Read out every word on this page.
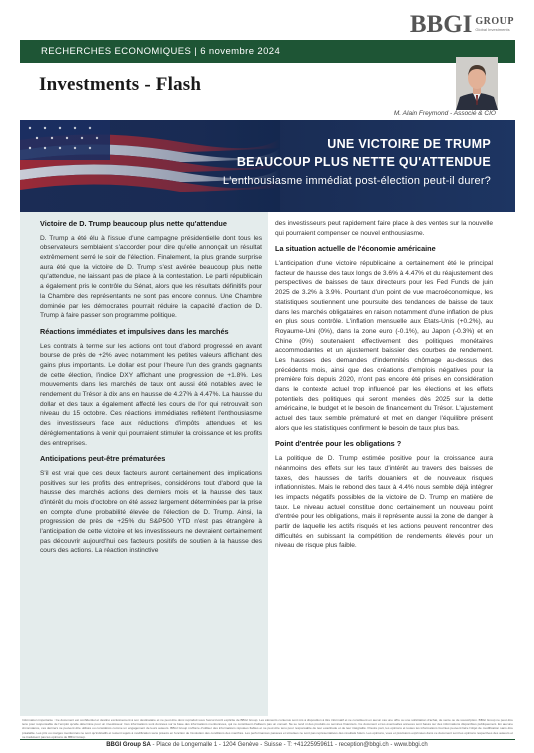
BBGI GROUP
Global Investments
RECHERCHES ECONOMIQUES | 6 novembre 2024
Investments - Flash
M. Alain Freymond - Associé & CIO
UNE VICTOIRE DE TRUMP
BEAUCOUP PLUS NETTE QU'ATTENDUE
L'enthousiasme immédiat post-élection peut-il durer?
Victoire de D. Trump beaucoup plus nette qu'attendue

D. Trump a été élu à l'issue d'une campagne présidentielle dont tous les observateurs semblaient s'accorder pour dire qu'elle annonçait un résultat extrêmement serré le soir de l'élection. Finalement, la plus grande surprise aura été que la victoire de D. Trump s'est avérée beaucoup plus nette qu'attendue, ne laissant pas de place à la contestation. Le parti républicain a également pris le contrôle du Sénat, alors que les résultats définitifs pour la Chambre des représentants ne sont pas encore connus. Une Chambre dominée par les démocrates pourrait réduire la capacité d'action de D. Trump à faire passer son programme politique.

Réactions immédiates et impulsives dans les marchés

Les contrats à terme sur les actions ont tout d'abord progressé en avant bourse de près de +2% avec notamment les petites valeurs affichant des gains plus importants. Le dollar est pour l'heure l'un des grands gagnants de cette élection, l'indice DXY affichant une progression de +1.8%. Les mouvements dans les marchés de taux ont aussi été notables avec le rendement du Trésor à dix ans en hausse de 4.27% à 4.47%. La hausse du dollar et des taux a également affecté les cours de l'or qui retrouvait son niveau du 15 octobre. Ces réactions immédiates reflètent l'enthousiasme des investisseurs face aux réductions d'impôts attendues et les déréglementations à venir qui pourraient stimuler la croissance et les profits des entreprises.

Anticipations peut-être prématurées

S'il est vrai que ces deux facteurs auront certainement des implications positives sur les profits des entreprises, considérons tout d'abord que la hausse des marchés actions des derniers mois et la hausse des taux d'intérêt du mois d'octobre on été assez largement déterminées par la prise en compte d'une probabilité élevée de l'élection de D. Trump. Ainsi, la progression de près de +25% du S&P500 YTD n'est pas étrangère à l'anticipation de cette victoire et les investisseurs ne devraient certainement pas découvrir aujourd'hui ces facteurs positifs de soutien à la hausse des cours des actions. La réaction instinctive

des investisseurs peut rapidement faire place à des ventes sur la nouvelle qui pourraient compenser ce nouvel enthousiasme.

La situation actuelle de l'économie américaine

L'anticipation d'une victoire républicaine a certainement été le principal facteur de hausse des taux longs de 3.6% à 4.47% et du réajustement des perspectives de baisses de taux directeurs pour les Fed Funds de juin 2025 de 3.2% à 3.9%. Pourtant d'un point de vue macroéconomique, les statistiques soutiennent une poursuite des tendances de baisse de taux dans les marchés obligataires en raison notamment d'une inflation de plus en plus sous contrôle. L'inflation mensuelle aux Etats-Unis (+0.2%), au Royaume-Uni (0%), dans la zone euro (-0.1%), au Japon (-0.3%) et en Chine (0%) soutenaient effectivement des politiques monétaires accommodantes et un ajustement baissier des courbes de rendement. Les hausses des demandes d'indemnités chômage au-dessus des précédents mois, ainsi que des créations d'emplois négatives pour la première fois depuis 2020, n'ont pas encore été prises en considération dans le contexte actuel trop influencé par les élections et les effets potentiels des politiques qui seront menées dès 2025 sur la dette américaine, le budget et le besoin de financement du Trésor. L'ajustement actuel des taux semble prématuré et met en danger l'équilibre présent alors que les statistiques confirment le besoin de taux plus bas.

Point d'entrée pour les obligations ?

La politique de D. Trump estimée positive pour la croissance aura néanmoins des effets sur les taux d'intérêt au travers des baisses de taxes, des hausses de tarifs douaniers et de nouveaux risques inflationnistes. Mais le rebond des taux à 4.4% nous semble déjà intégrer les impacts négatifs possibles de la victoire de D. Trump en matière de taux. Le niveau actuel constitue donc certainement un nouveau point d'entrée pour les obligations, mais il représente aussi la zone de danger à partir de laquelle les actifs risqués et les actions peuvent rencontrer des difficultés en subissant la compétition de rendements élevés pour un niveau de risque plus faible.

Information importante : Ce document est confidentiel et destiné exclusivement à son destinataire et ne peut être donc reproduit sous l'accord écrit explicite de BBGI Group. Les éléments contenus sont mis à disposition à titre informatif et ne constituent en aucun cas une offre ou une sollicitation d'achat, de vente ou de souscription. BBGI Group ne peut être tenu pour responsable de l'emploi qu'elle détermine pour un investisseur. Ces informations sont données sur la base des informations mentionnées, qui ne constituent d'ailleurs pas un conseil. Ne se rend ni des produits ou services financiers. Ce document et les éventuelles annexes sont basés sur des informations disponibles publiquement. En aucune circonstance, ces derniers ne peuvent être utilisés ou considérés comme un engagement de leurs auteurs. BBGI Group s'efforce d'utiliser des informations réputées fiables et ne peut être tenu pour responsable de leur exactitude et de leur intégralité. D'autre part, les opinions et toutes les informations fournies peuvent faire l'objet de modification sans être préalable. Les prix ou marges mentionnés ne sont qu'indicatifs et restent sujets à modification sans préavis en fonction de l'évolution des conditions des marchés. Les performances passées et simulées ne sont pas représentatives des résultats futurs. Les opinions, vues et prévisions exprimées dans ce document sont les opinions respectives des auteurs et ne traduisent pas les opinions de BBGI Group.
BBGI Group SA - Place de Longemalle 1 - 1204 Genève - Suisse - T: +41225959611 - reception@bbgi.ch - www.bbgi.ch
